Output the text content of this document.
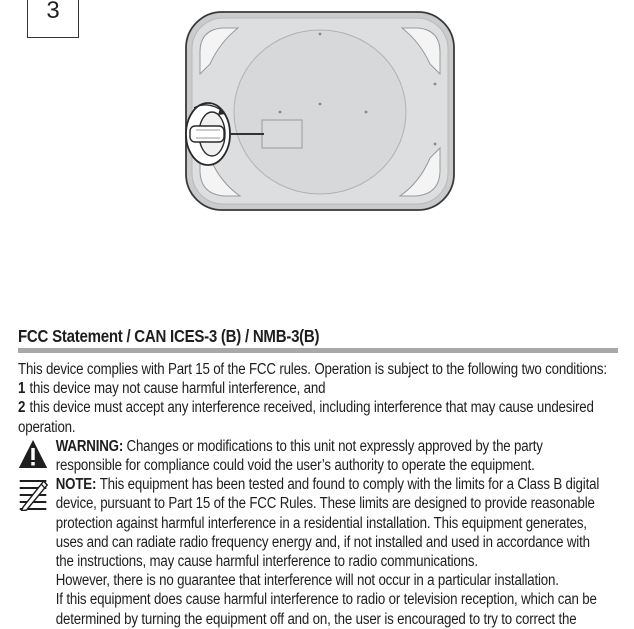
3
FCC Statement / CAN ICES-3 (B) / NMB-3(B)

This device complies with Part 15 of the FCC rules. Operation is subject to the following two conditions:

1 this device may not cause harmful interference, and

2 this device must accept any interference received, including interference that may cause undesired operation.

WARNING: Changes or modifications to this unit not expressly approved by the party responsible for compliance could void the user’s authority to operate the equipment.
NOTE: This equipment has been tested and found to comply with the limits for a Class B digital device, pursuant to Part 15 of the FCC Rules. These limits are designed to provide reasonable protection against harmful interference in a residential installation. This equipment generates, uses and can radiate radio frequency energy and, if not installed and used in accordance with the instructions, may cause harmful interference to radio communications.

However, there is no guarantee that interference will not occur in a particular installation.

If this equipment does cause harmful interference to radio or television reception, which can be determined by turning the equipment off and on, the user is encouraged to try to correct the
